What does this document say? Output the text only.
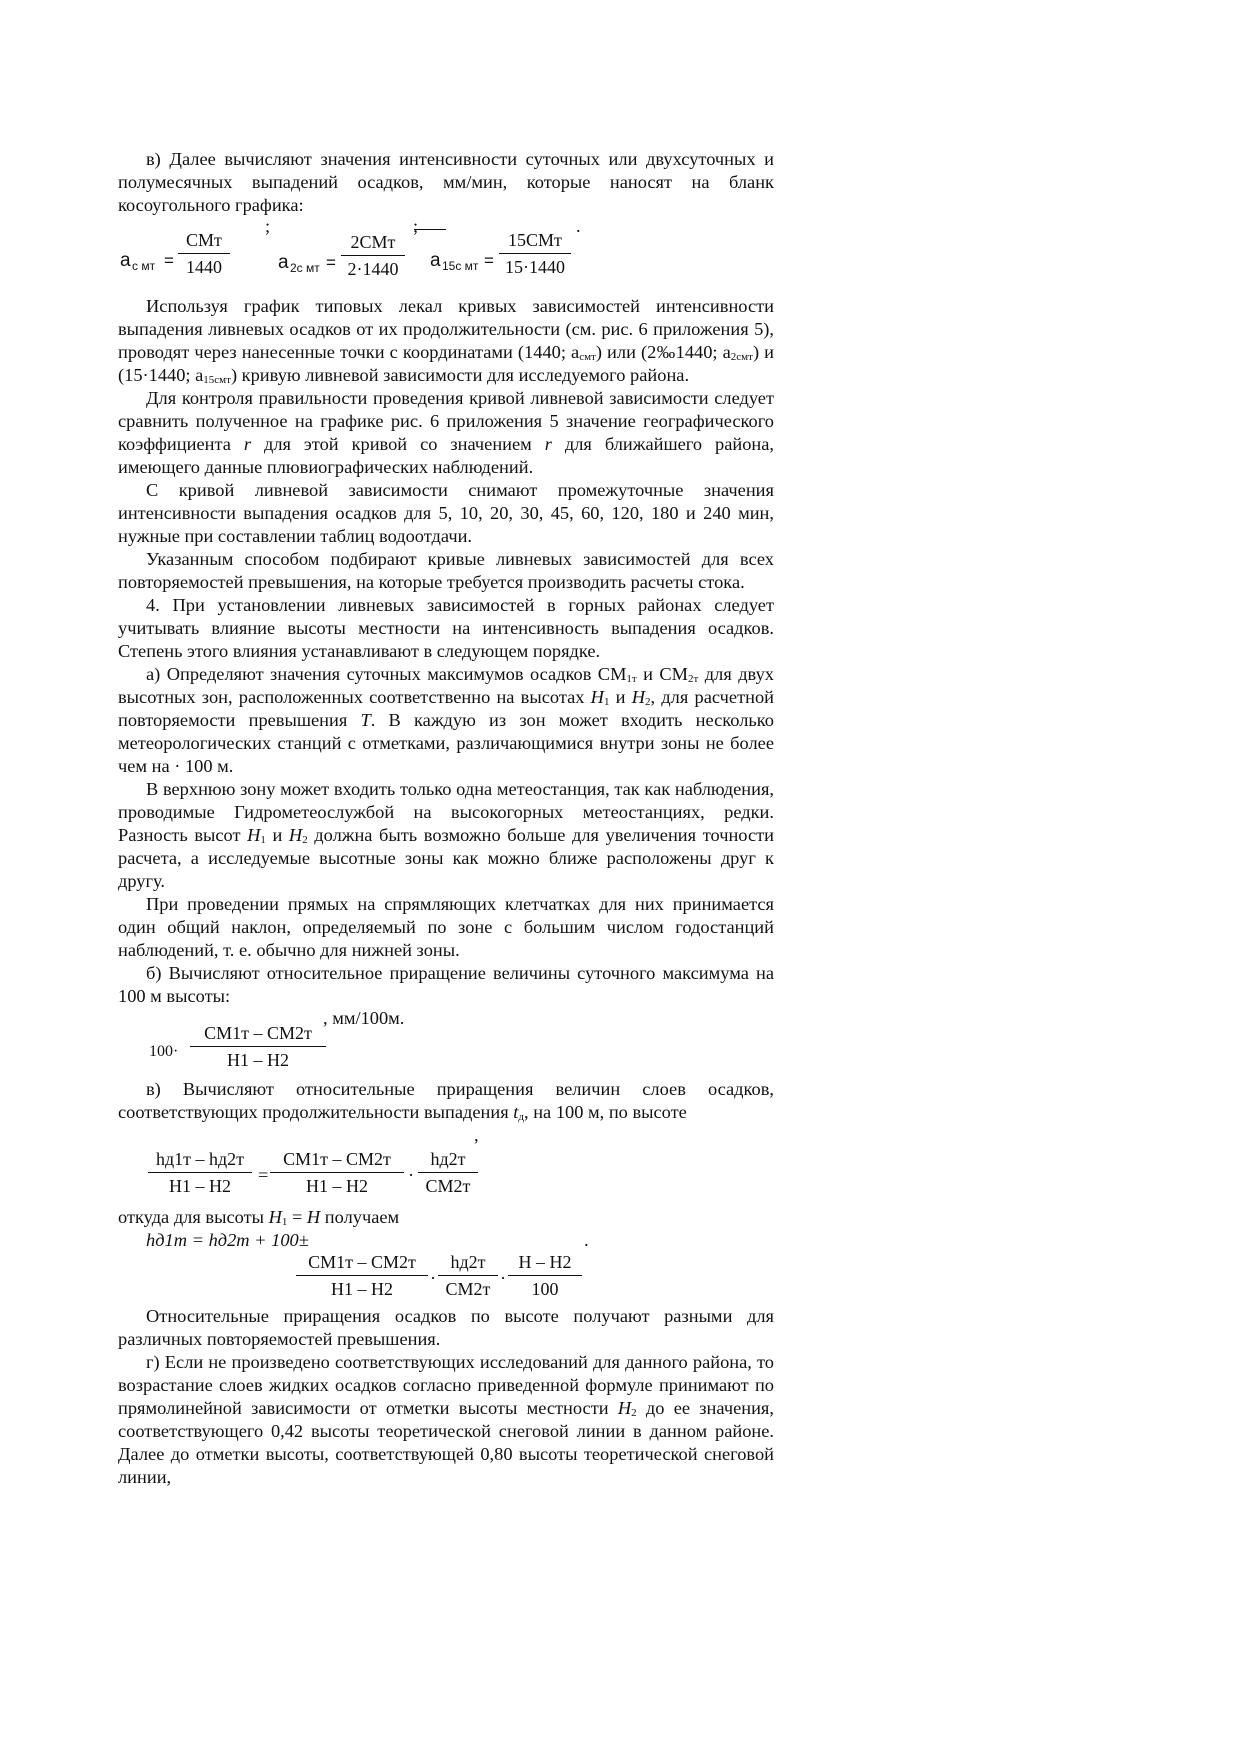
в) Далее вычисляют значения интенсивности суточных или двухсуточных и полумесячных выпадений осадков, мм/мин, которые наносят на бланк косоугольного графика:

;	;	.
a с мт =
СМт
1440	a 2с мт =
2СМт
2·1440	a 15с мт =
15СМт
15·1440

Используя график типовых лекал кривых зависимостей интенсивности выпадения ливневых осадков от их продолжительности (см. рис. 6 приложения 5), проводят через нанесенные точки с координатами (1440; $a_{смт}$) или (2‰1440; $a_{2смт}$) и (15·1440; $a_{15смт}$) кривую ливневой зависимости для исследуемого района.

Для контроля правильности проведения кривой ливневой зависимости следует сравнить полученное на графике рис. 6 приложения 5 значение географического коэффициента r для этой кривой со значением r для ближайшего района, имеющего данные плювиографических наблюдений.

С кривой ливневой зависимости снимают промежуточные значения интенсивности выпадения осадков для 5, 10, 20, 30, 45, 60, 120, 180 и 240 мин, нужные при составлении таблиц водоотдачи.

Указанным способом подбирают кривые ливневых зависимостей для всех повторяемостей превышения, на которые требуется производить расчеты стока.

4. При установлении ливневых зависимостей в горных районах следует учитывать влияние высоты местности на интенсивность выпадения осадков. Степень этого влияния устанавливают в следующем порядке.

а) Определяют значения суточных максимумов осадков $СМ_{1т}$ и $СМ_{2т}$ для двух высотных зон, расположенных соответственно на высотах $H_1$ и $H_2$, для расчетной повторяемости превышения T. В каждую из зон может входить несколько метеорологических станций с отметками, различающимися внутри зоны не более чем на · 100 м.

В верхнюю зону может входить только одна метеостанция, так как наблюдения, проводимые Гидрометеослужбой на высокогорных метеостанциях, редки. Разность высот $H_1$ и $H_2$ должна быть возможно больше для увеличения точности расчета, а исследуемые высотные зоны как можно ближе расположены друг к другу.

При проведении прямых на спрямляющих клетчатках для них принимается один общий наклон, определяемый по зоне с большим числом годостанций наблюдений, т. е. обычно для нижней зоны.

б) Вычисляют относительное приращение величины суточного максимума на 100 м высоты:

, мм/100м.
100·
СМ1т – СМ2т
H1 – H2

в) Вычисляют относительные приращения величин слоев осадков, соответствующих продолжительности выпадения $t_д$, на 100 м, по высоте

,
hд1т – hд2т
H1 – H2
=
СМ1т – СМ2т
H1 – H2
·
hд2т
СМ2т

откуда для высоты $H_1 = H$ получаем

hд1т = hд2т + 100±	.
СМ1т – СМ2т
H1 – H2
·
hд2т
СМ2т
· $\frac{H - H2}{100}$

Относительные приращения осадков по высоте получают разными для различных повторяемостей превышения.

г) Если не произведено соответствующих исследований для данного района, то возрастание слоев жидких осадков согласно приведенной формуле принимают по прямолинейной зависимости от отметки высоты местности $H_2$ до ее значения, соответствующего 0,42 высоты теоретической снеговой линии в данном районе. Далее до отметки высоты, соответствующей 0,80 высоты теоретической снеговой линии,
